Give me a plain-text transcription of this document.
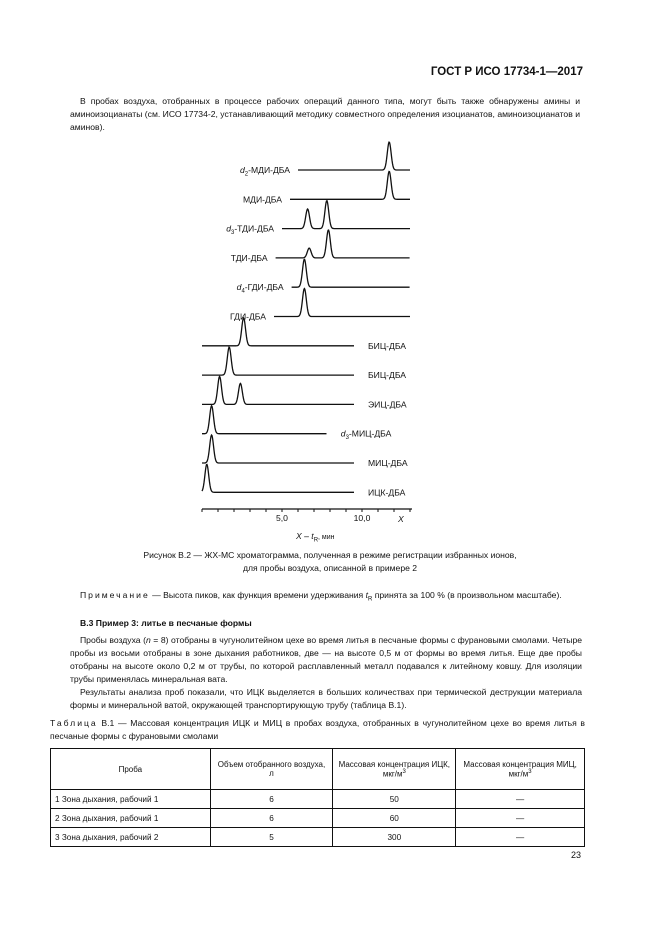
ГОСТ Р ИСО 17734-1—2017

В пробах воздуха, отобранных в процессе рабочих операций данного типа, могут быть также обнаружены амины и аминоизоцианаты (см. ИСО 17734-2, устанавливающий методику совместного определения изоцианатов, аминоизоцианатов и аминов).

$d_2-МДИ$-ДБА
МДИ-ДБА
$d_3-ТДИ$-ДБА
ТДИ-ДБА
$d_4-ГДИ$-ДБА
ГДИ-ДБА
БИЦ-ДБА
БИЦ-ДБА
ЭИЦ-ДБА
$d_3-МИЦ$-ДБА
МИЦ-ДБА
ИЦК-ДБА
5,0	10,0	X
X – $t_R^{, мин}$
Рисунок В.2 — ЖХ-МС хроматограмма, полученная в режиме регистрации избранных ионов,
для пробы воздуха, описанной в примере 2

Примечание — Высота пиков, как функция времени удерживания $t_R$ принята за 100 % (в произвольном масштабе).

В.3 Пример 3: литье в песчаные формы

Пробы воздуха (n = 8) отобраны в чугунолитейном цехе во время литья в песчаные формы с фурановыми смолами. Четыре пробы из восьми отобраны в зоне дыхания работников, две — на высоте 0,5 м от формы во время литья. Еще две пробы отобраны на высоте около 0,2 м от трубы, по которой расплавленный металл подавался к литейному ковшу. Для изоляции трубы применялась минеральная вата.

Результаты анализа проб показали, что ИЦК выделяется в больших количествах при термической деструкции материала формы и минеральной ватой, окружающей транспортирующую трубу (таблица В.1).

Таблица В.1 — Массовая концентрация ИЦК и МИЦ в пробах воздуха, отобранных в чугунолитейном цехе во время литья в песчаные формы с фурановыми смолами

Проба	Объем отобранного воздуха, л	Массовая концентрация ИЦК, мкг/$м^3$	Массовая концентрация МИЦ, мкг/$м^3$
1 Зона дыхания, рабочий 1	6	50	—
2 Зона дыхания, рабочий 1	6	60	—
3 Зона дыхания, рабочий 2	5	300	—
23
